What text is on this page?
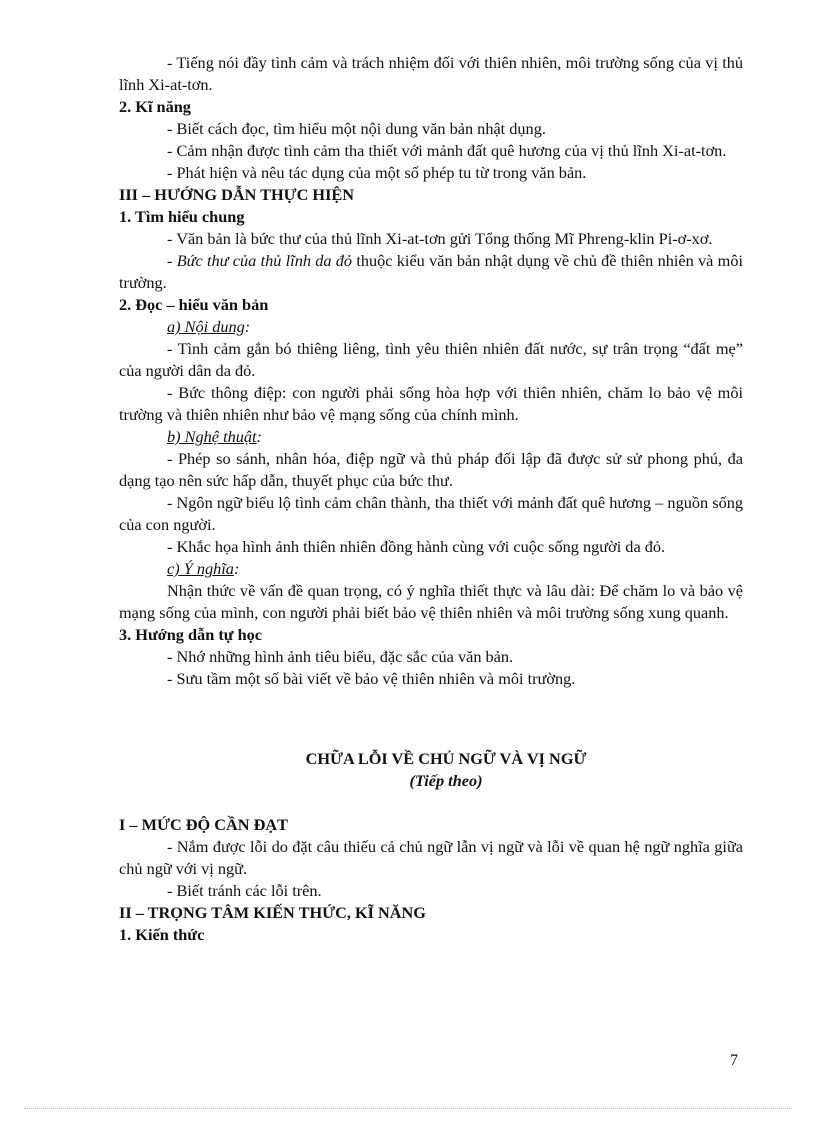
- Tiếng nói đầy tình cảm và trách nhiệm đối với thiên nhiên, môi trường sống của vị thủ lĩnh Xi-at-tơn.

2. Kĩ năng

- Biết cách đọc, tìm hiểu một nội dung văn bản nhật dụng.

- Cảm nhận được tình cảm tha thiết với mảnh đất quê hương của vị thủ lĩnh Xi-at-tơn.

- Phát hiện và nêu tác dụng của một số phép tu từ trong văn bản.

III – HƯỚNG DẪN THỰC HIỆN

1. Tìm hiểu chung

- Văn bản là bức thư của thủ lĩnh Xi-at-tơn gửi Tổng thống Mĩ Phreng-klin Pi-ơ-xơ.

- Bức thư của thủ lĩnh da đỏ thuộc kiểu văn bản nhật dụng về chủ đề thiên nhiên và môi trường.

2. Đọc – hiểu văn bản

a) Nội dung:

- Tình cảm gắn bó thiêng liêng, tình yêu thiên nhiên đất nước, sự trân trọng “đất mẹ” của người dân da đỏ.

- Bức thông điệp: con người phải sống hòa hợp với thiên nhiên, chăm lo bảo vệ môi trường và thiên nhiên như bảo vệ mạng sống của chính mình.

b) Nghệ thuật:

- Phép so sánh, nhân hóa, điệp ngữ và thủ pháp đối lập đã được sử sử phong phú, đa dạng tạo nên sức hấp dẫn, thuyết phục của bức thư.

- Ngôn ngữ biểu lộ tình cảm chân thành, tha thiết với mảnh đất quê hương – nguồn sống của con người.

- Khắc họa hình ảnh thiên nhiên đồng hành cùng với cuộc sống người da đỏ.

c) Ý nghĩa:

Nhận thức về vấn đề quan trọng, có ý nghĩa thiết thực và lâu dài: Để chăm lo và bảo vệ mạng sống của mình, con người phải biết bảo vệ thiên nhiên và môi trường sống xung quanh.

3. Hướng dẫn tự học

- Nhớ những hình ảnh tiêu biểu, đặc sắc của văn bản.

- Sưu tầm một số bài viết về bảo vệ thiên nhiên và môi trường.

CHỮA LỖI VỀ CHỦ NGỮ VÀ VỊ NGỮ

(Tiếp theo)

I – MỨC ĐỘ CẦN ĐẠT

- Nắm được lỗi do đặt câu thiếu cả chủ ngữ lẫn vị ngữ và lỗi về quan hệ ngữ nghĩa giữa chủ ngữ với vị ngữ.

- Biết tránh các lỗi trên.

II – TRỌNG TÂM KIẾN THỨC, KĨ NĂNG

1. Kiến thức

7
